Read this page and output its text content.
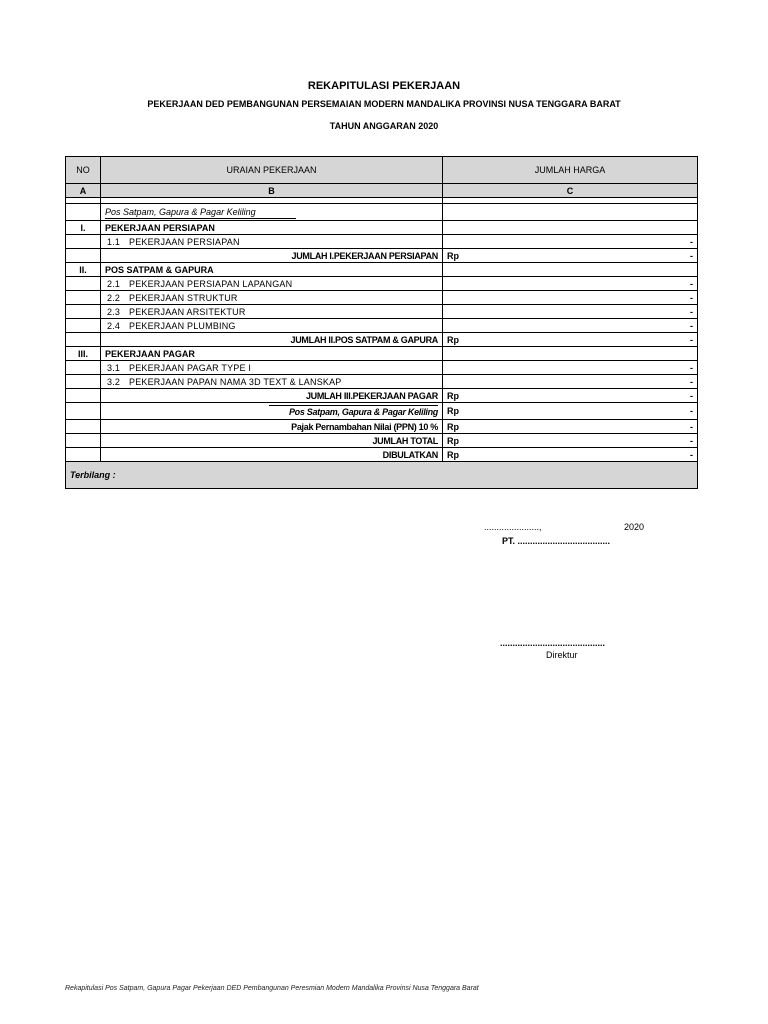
REKAPITULASI PEKERJAAN
PEKERJAAN DED PEMBANGUNAN PERSEMAIAN MODERN MANDALIKA PROVINSI NUSA TENGGARA BARAT
TAHUN ANGGARAN 2020
NO	URAIAN PEKERJAAN	JUMLAH HARGA
A	B	C

	Pos Satpam, Gapura & Pagar Keliling	
I.	PEKERJAAN PERSIAPAN	
	1.1 PEKERJAAN PERSIAPAN	-

	JUMLAH I.PEKERJAAN PERSIAPAN	Rp -

II.	POS SATPAM & GAPURA	
	2.1 PEKERJAAN PERSIAPAN LAPANGAN	-

	2.2 PEKERJAAN STRUKTUR	-

	2.3 PEKERJAAN ARSITEKTUR	-

	2.4 PEKERJAAN PLUMBING	-

	JUMLAH II.POS SATPAM & GAPURA	Rp -

III.	PEKERJAAN PAGAR	
	3.1 PEKERJAAN PAGAR TYPE I	-

	3.2 PEKERJAAN PAPAN NAMA 3D TEXT & LANSKAP	-

	JUMLAH III.PEKERJAAN PAGAR	Rp -

	Pos Satpam, Gapura & Pagar Keliling	Rp -

	Pajak Pernambahan Nilai (PPN) 10 %	Rp -

	JUMLAH TOTAL	Rp -

	DIBULATKAN	Rp -

Terbilang :		
......................,	2020
PT. .....................................
..........................................
Direktur
Rekapitulasi Pos Satpam, Gapura Pagar Pekerjaan DED Pembangunan Peresmian Modern Mandalika Provinsi Nusa Tenggara Barat
